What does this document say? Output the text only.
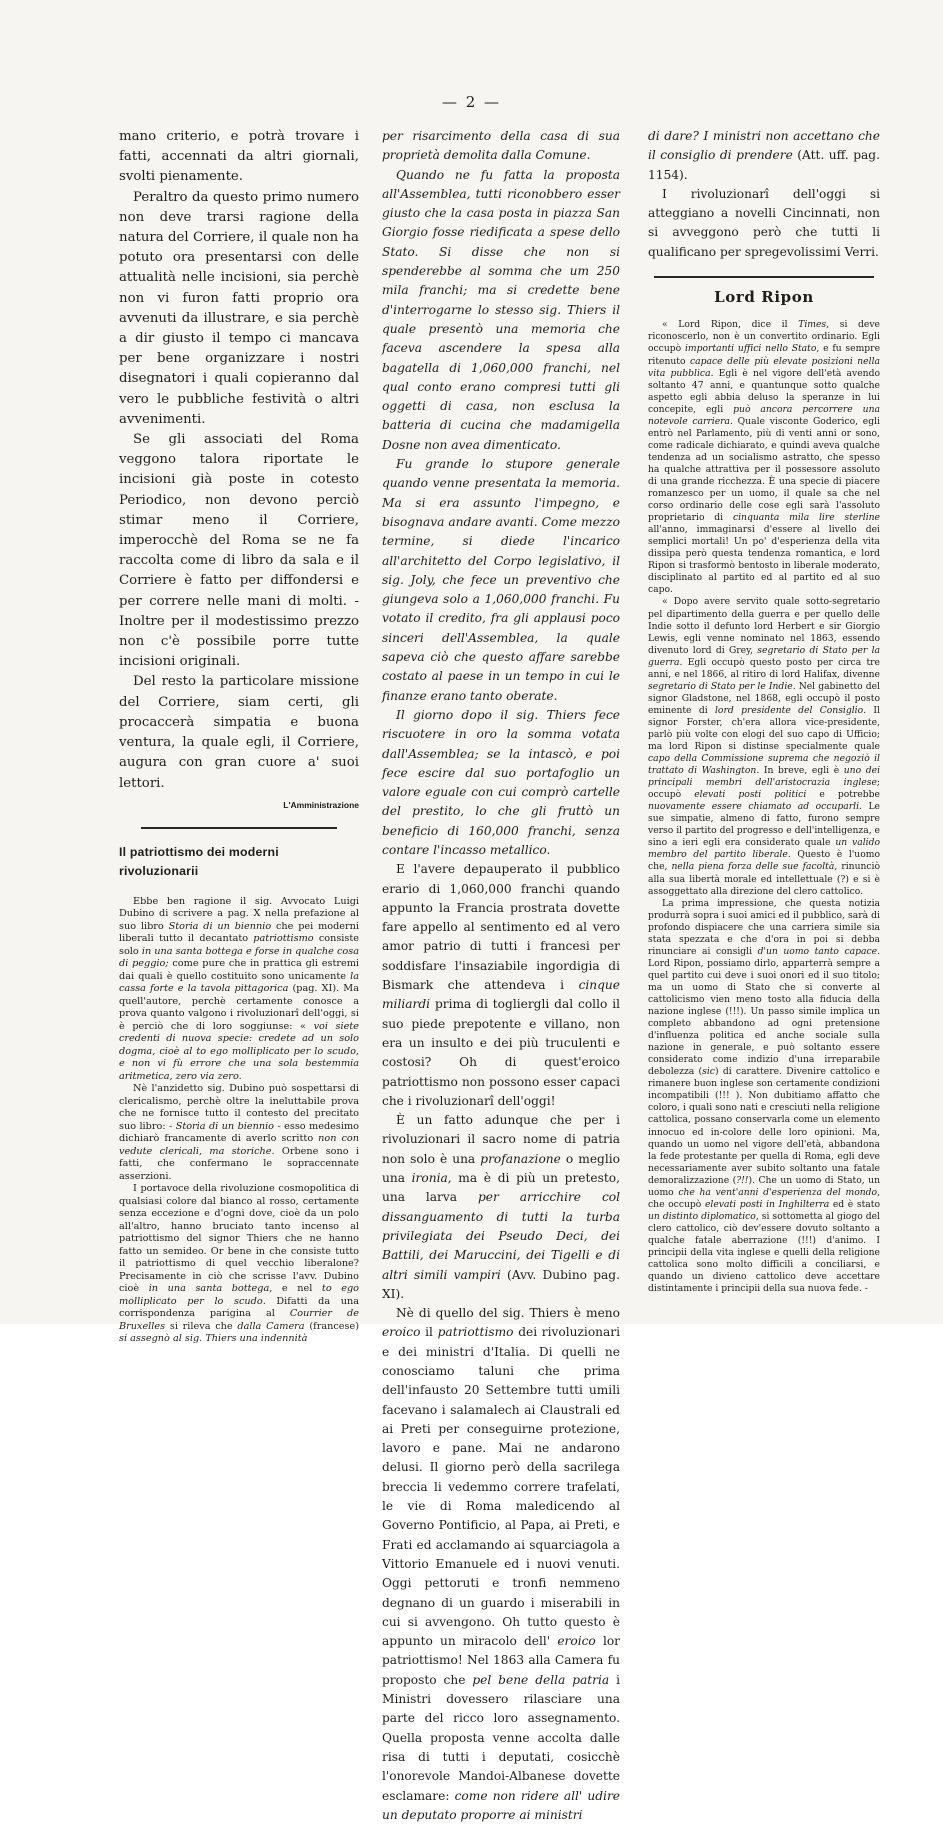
— 2 —

mano criterio, e potrà trovare i fatti, accennati da altri giornali, svolti pienamente.

Peraltro da questo primo numero non deve trarsi ragione della natura del Corriere, il quale non ha potuto ora presentarsi con delle attualità nelle incisioni, sia perchè non vi furon fatti proprio ora avvenuti da illustrare, e sia perchè a dir giusto il tempo ci mancava per bene organizzare i nostri disegnatori i quali copieranno dal vero le pubbliche festività o altri avvenimenti.

Se gli associati del Roma veggono talora riportate le incisioni già poste in cotesto Periodico, non devono perciò stimar meno il Corriere, imperocchè del Roma se ne fa raccolta come di libro da sala e il Corriere è fatto per diffondersi e per correre nelle mani di molti. - Inoltre per il modestissimo prezzo non c'è possibile porre tutte incisioni originali.

Del resto la particolare missione del Corriere, siam certi, gli procaccerà simpatia e buona ventura, la quale egli, il Corriere, augura con gran cuore a' suoi lettori.

L'Amministrazione
Il patriottismo dei moderni rivoluzionarii

Ebbe ben ragione il sig. Avvocato Luigi Dubino di scrivere a pag. X nella prefazione al suo libro Storia di un biennio che pei moderni liberali tutto il decantato patriottismo consiste solo in una santa bottega e forse in qualche cosa di peggio; come pure che in prattica gli estremi dai quali è quello costituito sono unicamente la cassa forte e la tavola pittagorica (pag. XI). Ma quell'autore, perchè certamente conosce a prova quanto valgono i rivoluzionarî dell'oggi, si è perciò che di loro soggiunse: « voi siete credenti di nuova specie: credete ad un solo dogma, cioè al to ego molliplicato per lo scudo, e non vi fù errore che una sola bestemmia aritmetica, zero via zero.

Nè l'anzidetto sig. Dubino può sospettarsi di clericalismo, perchè oltre la ineluttabile prova che ne fornisce tutto il contesto del precitato suo libro: - Storia di un biennio - esso medesimo dichiarò francamente di averlo scritto non con vedute clericali, ma storiche. Orbene sono i fatti, che confermano le sopraccennate asserzioni.

I portavoce della rivoluzione cosmopolitica di qualsiasi colore dal bianco al rosso, certamente senza eccezione e d'ogni dove, cioè da un polo all'altro, hanno bruciato tanto incenso al patriottismo del signor Thiers che ne hanno fatto un semideo. Or bene in che consiste tutto il patriottismo di quel vecchio liberalone? Precisamente in ciò che scrisse l'avv. Dubino cioè in una santa bottega, e nel to ego molliplicato per lo scudo. Difatti da una corrispondenza parigina al Courrier de Bruxelles si rileva che dalla Camera (francese) si assegnò al sig. Thiers una indennità

per risarcimento della casa di sua proprietà demolita dalla Comune.

Quando ne fu fatta la proposta all'Assemblea, tutti riconobbero esser giusto che la casa posta in piazza San Giorgio fosse riedificata a spese dello Stato. Si disse che non si spenderebbe al somma che um 250 mila franchi; ma si credette bene d'interrogarne lo stesso sig. Thiers il quale presentò una memoria che faceva ascendere la spesa alla bagatella di 1,060,000 franchi, nel qual conto erano compresi tutti gli oggetti di casa, non esclusa la batteria di cucina che madamigella Dosne non avea dimenticato.

Fu grande lo stupore generale quando venne presentata la memoria. Ma si era assunto l'impegno, e bisognava andare avanti. Come mezzo termine, si diede l'incarico all'architetto del Corpo legislativo, il sig. Joly, che fece un preventivo che giungeva solo a 1,060,000 franchi. Fu votato il credito, fra gli applausi poco sinceri dell'Assemblea, la quale sapeva ciò che questo affare sarebbe costato al paese in un tempo in cui le finanze erano tanto oberate.

Il giorno dopo il sig. Thiers fece riscuotere in oro la somma votata dall'Assemblea; se la intascò, e poi fece escire dal suo portafoglio un valore eguale con cui comprò cartelle del prestito, lo che gli fruttò un beneficio di 160,000 franchi, senza contare l'incasso metallico.

E l'avere depauperato il pubblico erario di 1,060,000 franchi quando appunto la Francia prostrata dovette fare appello al sentimento ed al vero amor patrio di tutti i francesi per soddisfare l'insaziabile ingordigia di Bismark che attendeva i cinque miliardi prima di togliergli dal collo il suo piede prepotente e villano, non era un insulto e dei più truculenti e costosi? Oh di quest'eroico patriottismo non possono esser capaci che i rivoluzionarî dell'oggi!

È un fatto adunque che per i rivoluzionari il sacro nome di patria non solo è una profanazione o meglio una ironia, ma è di più un pretesto, una larva per arricchire col dissanguamento di tutti la turba privilegiata dei Pseudo Deci, dei Battili, dei Maruccini, dei Tigelli e di altri simili vampiri (Avv. Dubino pag. XI).

Nè di quello del sig. Thiers è meno eroico il patriottismo dei rivoluzionari e dei ministri d'Italia. Di quelli ne conosciamo taluni che prima dell'infausto 20 Settembre tutti umili facevano i salamalech ai Claustrali ed ai Preti per conseguirne protezione, lavoro e pane. Mai ne andarono delusi. Il giorno però della sacrilega breccia li vedemmo correre trafelati, le vie di Roma maledicendo al Governo Pontificio, al Papa, ai Preti, e Frati ed acclamando ai squarciagola a Vittorio Emanuele ed i nuovi venuti. Oggi pettoruti e tronfi nemmeno degnano di un guardo i miserabili in cui si avvengono. Oh tutto questo è appunto un miracolo dell' eroico lor patriottismo! Nel 1863 alla Camera fu proposto che pel bene della patria i Ministri dovessero rilasciare una parte del ricco loro assegnamento. Quella proposta venne accolta dalle risa di tutti i deputati, cosicchè l'onorevole Mandoi-Albanese dovette esclamare: come non ridere all' udire un deputato proporre ai ministri

di dare? I ministri non accettano che il consiglio di prendere (Att. uff. pag. 1154).

I rivoluzionarî dell'oggi si atteggiano a novelli Cincinnati, non si avveggono però che tutti li qualificano per spregevolissimi Verri.

Lord Ripon

« Lord Ripon, dice il Times, si deve riconoscerlo, non è un convertito ordinario. Egli occupò importanti uffici nello Stato, e fu sempre ritenuto capace delle più elevate posizioni nella vita pubblica. Egli è nel vigore dell'età avendo soltanto 47 anni, e quantunque sotto qualche aspetto egli abbia deluso la speranze in lui concepite, egli può ancora percorrere una notevole carriera. Quale visconte Goderico, egli entrò nel Parlamento, più di venti anni or sono, come radicale dichiarato, e quindi aveva qualche tendenza ad un socialismo astratto, che spesso ha qualche attrattiva per il possessore assoluto di una grande ricchezza. È una specie di piacere romanzesco per un uomo, il quale sa che nel corso ordinario delle cose egli sarà l'assoluto proprietario di cinquanta mila lire sterline all'anno, immaginarsi d'essere al livello dei semplici mortali! Un po' d'esperienza della vita dissipa però questa tendenza romantica, e lord Ripon si trasformò bentosto in liberale moderato, disciplinato al partito ed al partito ed al suo capo.

« Dopo avere servito quale sotto-segretario pel dipartimento della guerra e per quello delle Indie sotto il defunto lord Herbert e sir Giorgio Lewis, egli venne nominato nel 1863, essendo divenuto lord di Grey, segretario di Stato per la guerra. Egli occupò questo posto per circa tre anni, e nel 1866, al ritiro di lord Halifax, divenne segretario di Stato per le Indie. Nel gabinetto del signor Gladstone, nel 1868, egli occupò il posto eminente di lord presidente del Consiglio. Il signor Forster, ch'era allora vice-presidente, parlò più volte con elogi del suo capo di Ufficio; ma lord Ripon si distinse specialmente quale capo della Commissione suprema che negoziò il trattato di Washington. In breve, egli è uno dei principali membri dell'aristocrazia inglese; occupò elevati posti politici e potrebbe nuovamente essere chiamato ad occuparli. Le sue simpatie, almeno di fatto, furono sempre verso il partito del progresso e dell'intelligenza, e sino a ieri egli era considerato quale un valido membro del partito liberale. Questo è l'uomo che, nella piena forza delle sue facoltà, rinunciò alla sua libertà morale ed intellettuale (?) e si è assoggettato alla direzione del clero cattolico.

La prima impressione, che questa notizia produrrà sopra i suoi amici ed il pubblico, sarà di profondo dispiacere che una carriera simile sia stata spezzata e che d'ora in poi si debba rinunciare ai consigli d'un uomo tanto capace. Lord Ripon, possiamo dirlo, apparterrà sempre a quel partito cui deve i suoi onori ed il suo titolo; ma un uomo di Stato che si converte al cattolicismo vien meno tosto alla fiducia della nazione inglese (!!!). Un passo simile implica un completo abbandono ad ogni pretensione d'influenza politica ed anche sociale sulla nazione in generale, e può soltanto essere considerato come indizio d'una irreparabile debolezza (sic) di carattere. Divenire cattolico e rimanere buon inglese son certamente condizioni incompatibili (!!! ). Non dubitiamo affatto che coloro, i quali sono nati e cresciuti nella religione cattolica, possano conservarla come un elemento innocuo ed in-colore delle loro opinioni. Ma, quando un uomo nel vigore dell'età, abbandona la fede protestante per quella di Roma, egli deve necessariamente aver subito soltanto una fatale demoralizzazione (?!!). Che un uomo di Stato, un uomo che ha vent'anni d'esperienza del mondo, che occupò elevati posti in Inghilterra ed è stato un distinto diplomatico, si sottometta al giogo del clero cattolico, ciò dev'essere dovuto soltanto a qualche fatale aberrazione (!!!) d'animo. I principii della vita inglese e quelli della religione cattolica sono molto difficili a conciliarsi, e quando un divieno cattolico deve accettare distintamente i principii della sua nuova fede. -
